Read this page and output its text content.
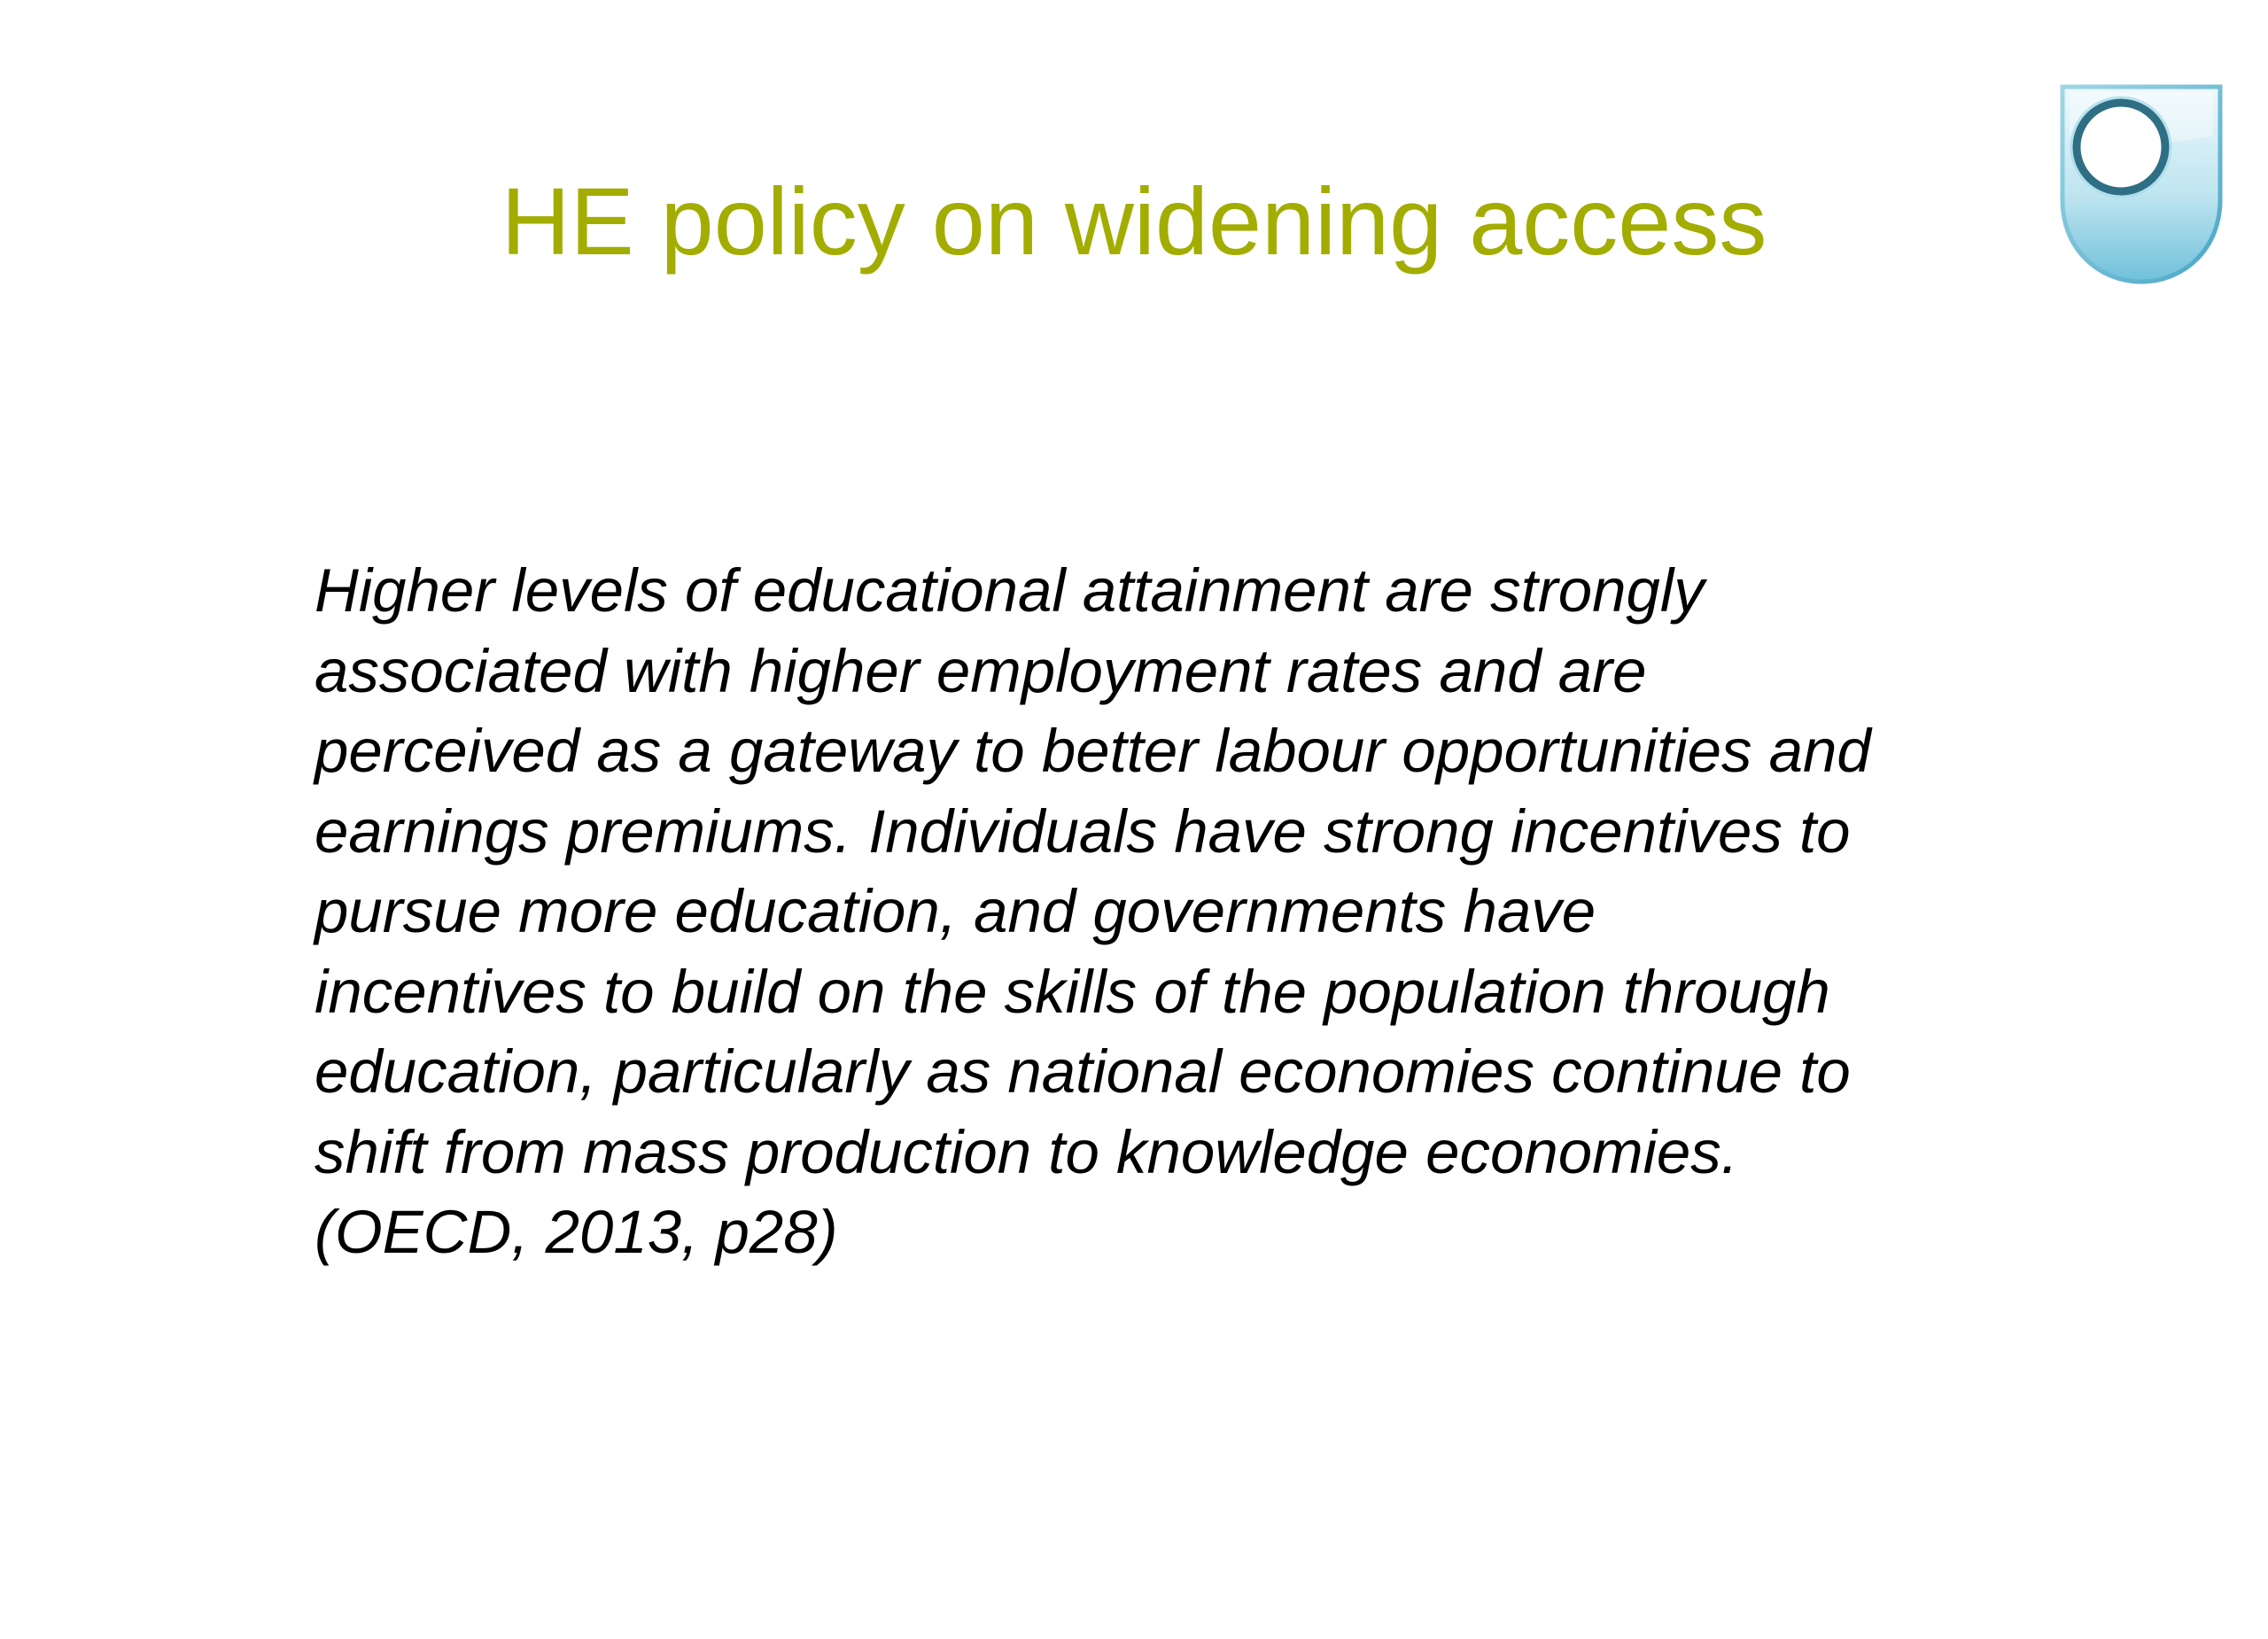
HE policy on widening access

Higher levels of educational attainment are strongly
associated with higher employment rates and are
perceived as a gateway to better labour opportunities and
earnings premiums. Individuals have strong incentives to
pursue more education, and governments have
incentives to build on the skills of the population through
education, particularly as national economies continue to
shift from mass production to knowledge economies.
(OECD, 2013, p28)
